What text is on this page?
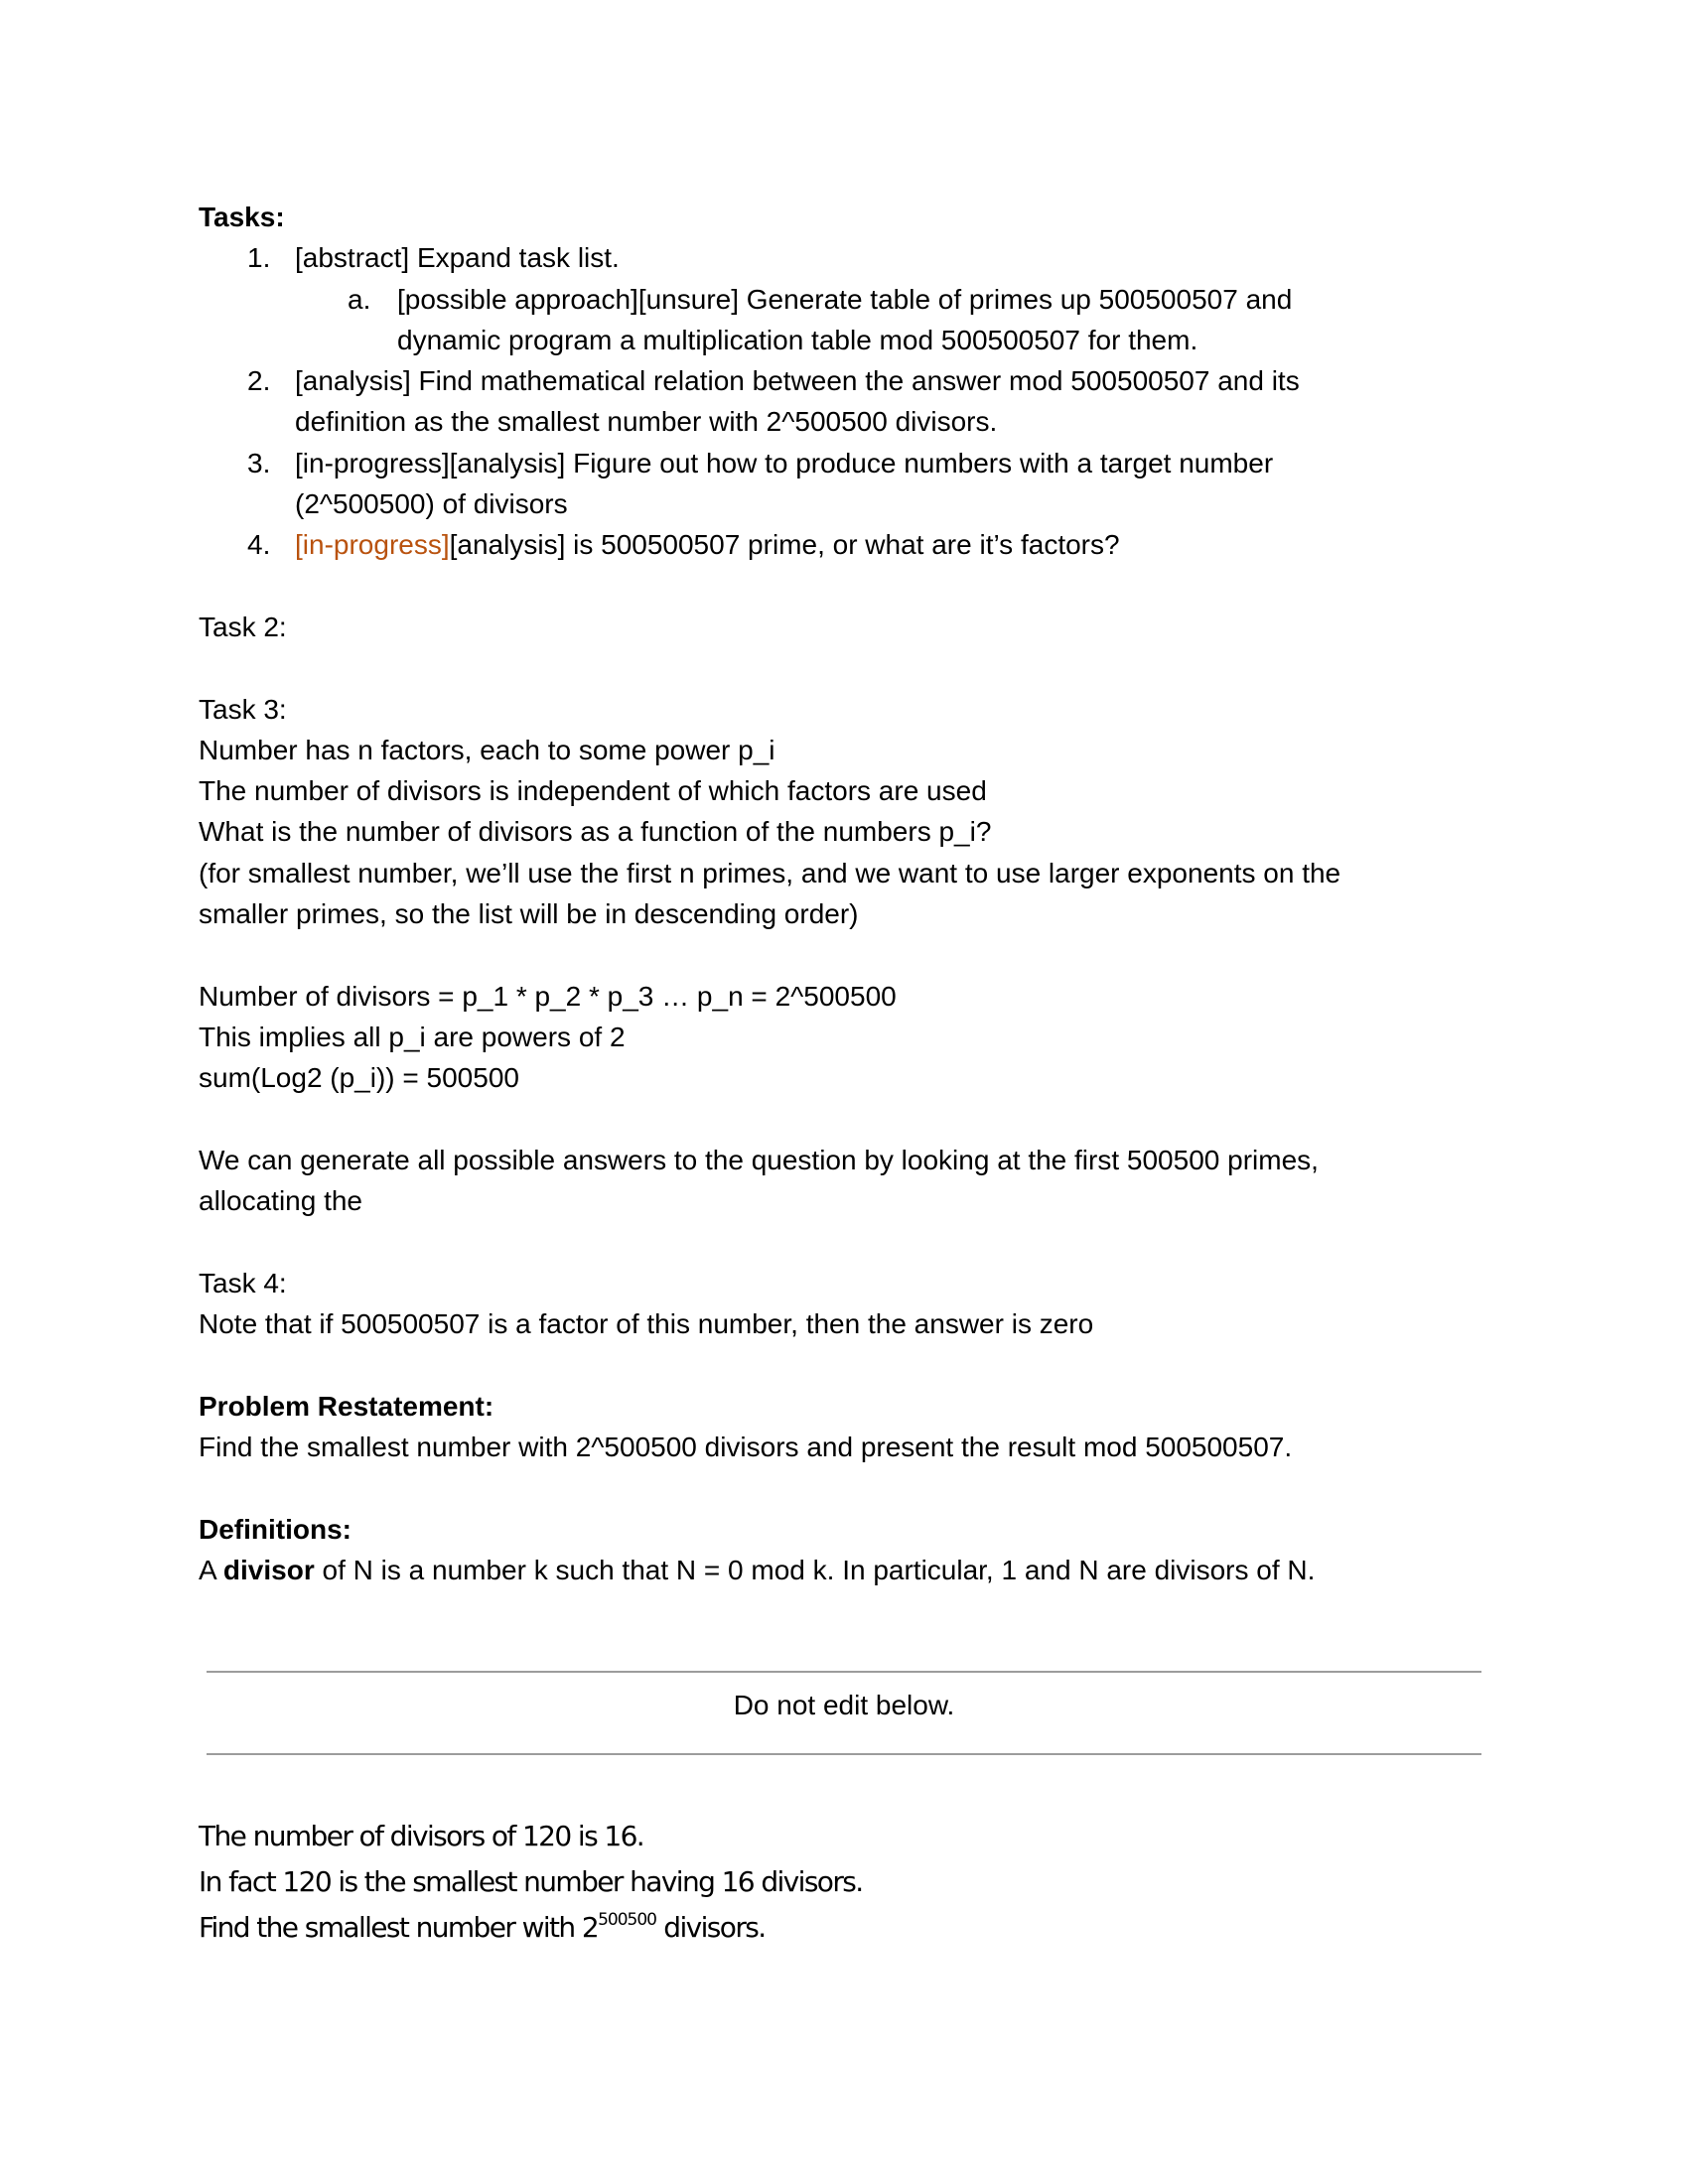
Tasks:
1. [abstract] Expand task list.
a. [possible approach][unsure] Generate table of primes up 500500507 and
dynamic program a multiplication table mod 500500507 for them.
2. [analysis] Find mathematical relation between the answer mod 500500507 and its
definition as the smallest number with 2^500500 divisors.
3. [in-progress][analysis] Figure out how to produce numbers with a target number
(2^500500) of divisors
4. [in-progress][analysis] is 500500507 prime, or what are it’s factors?
Task 2:
Task 3:
Number has n factors, each to some power p_i
The number of divisors is independent of which factors are used
What is the number of divisors as a function of the numbers p_i?
(for smallest number, we’ll use the first n primes, and we want to use larger exponents on the
smaller primes, so the list will be in descending order)
Number of divisors = p_1 * p_2 * p_3 … p_n = 2^500500
This implies all p_i are powers of 2
sum(Log2 (p_i)) = 500500
We can generate all possible answers to the question by looking at the first 500500 primes,
allocating the
Task 4:
Note that if 500500507 is a factor of this number, then the answer is zero
Problem Restatement:
Find the smallest number with 2^500500 divisors and present the result mod 500500507.
Definitions:
A divisor of N is a number k such that N = 0 mod k. In particular, 1 and N are divisors of N.
Do not edit below.
The number of divisors of 120 is 16.
In fact 120 is the smallest number having 16 divisors.
Find the smallest number with $2^{500500}$ divisors.
